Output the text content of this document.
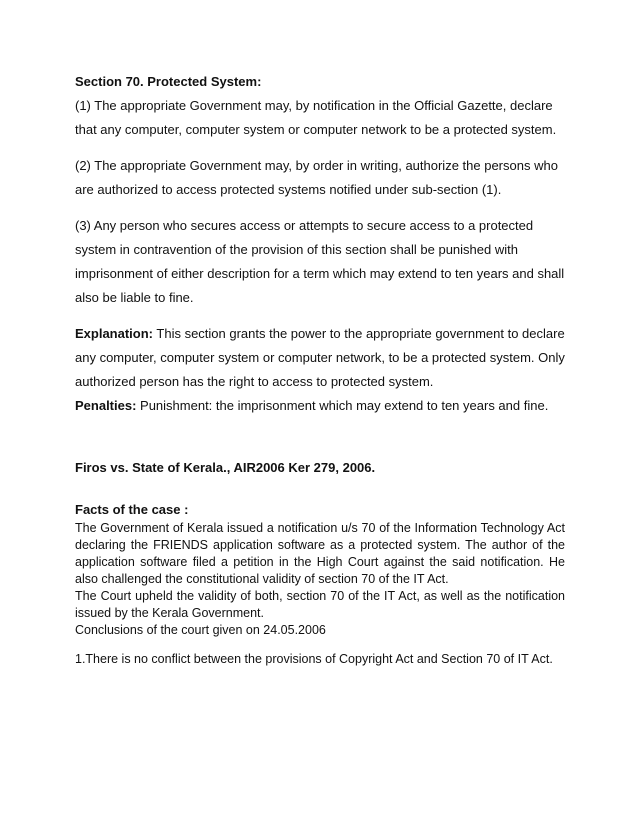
Section 70. Protected System:

(1) The appropriate Government may, by notification in the Official Gazette, declare that any computer, computer system or computer network to be a protected system.

(2) The appropriate Government may, by order in writing, authorize the persons who are authorized to access protected systems notified under sub-section (1).

(3) Any person who secures access or attempts to secure access to a protected system in contravention of the provision of this section shall be punished with imprisonment of either description for a term which may extend to ten years and shall also be liable to fine.

Explanation: This section grants the power to the appropriate government to declare any computer, computer system or computer network, to be a protected system. Only authorized person has the right to access to protected system.

Penalties: Punishment: the imprisonment which may extend to ten years and fine.

Firos vs. State of Kerala., AIR2006 Ker 279, 2006.

Facts of the case :

The Government of Kerala issued a notification u/s 70 of the Information Technology Act declaring the FRIENDS application software as a protected system. The author of the application software filed a petition in the High Court against the said notification. He also challenged the constitutional validity of section 70 of the IT Act.

The Court upheld the validity of both, section 70 of the IT Act, as well as the notification issued by the Kerala Government.

Conclusions of the court given on 24.05.2006

1.There is no conflict between the provisions of Copyright Act and Section 70 of IT Act.
